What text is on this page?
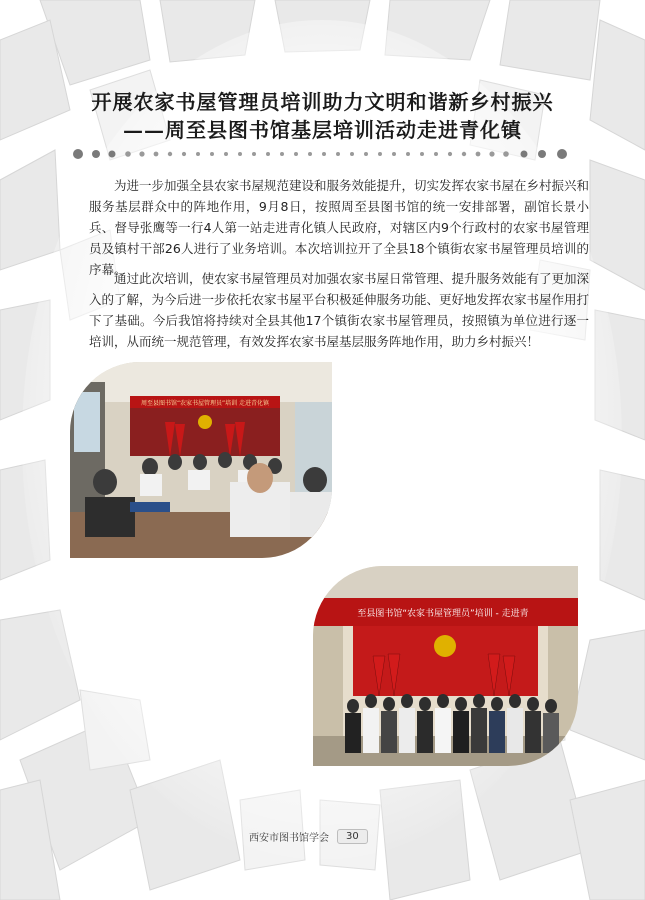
开展农家书屋管理员培训助力文明和谐新乡村振兴
——周至县图书馆基层培训活动走进青化镇

为进一步加强全县农家书屋规范建设和服务效能提升，切实发挥农家书屋在乡村振兴和服务基层群众中的阵地作用，9月8日，按照周至县图书馆的统一安排部署，副馆长景小兵、督导张鹰等一行4人第一站走进青化镇人民政府，对辖区内9个行政村的农家书屋管理员及镇村干部26人进行了业务培训。本次培训拉开了全县18个镇街农家书屋管理员培训的序幕。

通过此次培训，使农家书屋管理员对加强农家书屋日常管理、提升服务效能有了更加深入的了解，为今后进一步依托农家书屋平台积极延伸服务功能、更好地发挥农家书屋作用打下了基础。今后我馆将持续对全县其他17个镇街农家书屋管理员，按照镇为单位进行逐一培训，从而统一规范管理，有效发挥农家书屋基层服务阵地作用，助力乡村振兴！

周至县图书馆“农家书屋管理员”培训 走进青化镇
至县图书馆“农家书屋管理员”培训 - 走进青
西安市图书馆学会	30
